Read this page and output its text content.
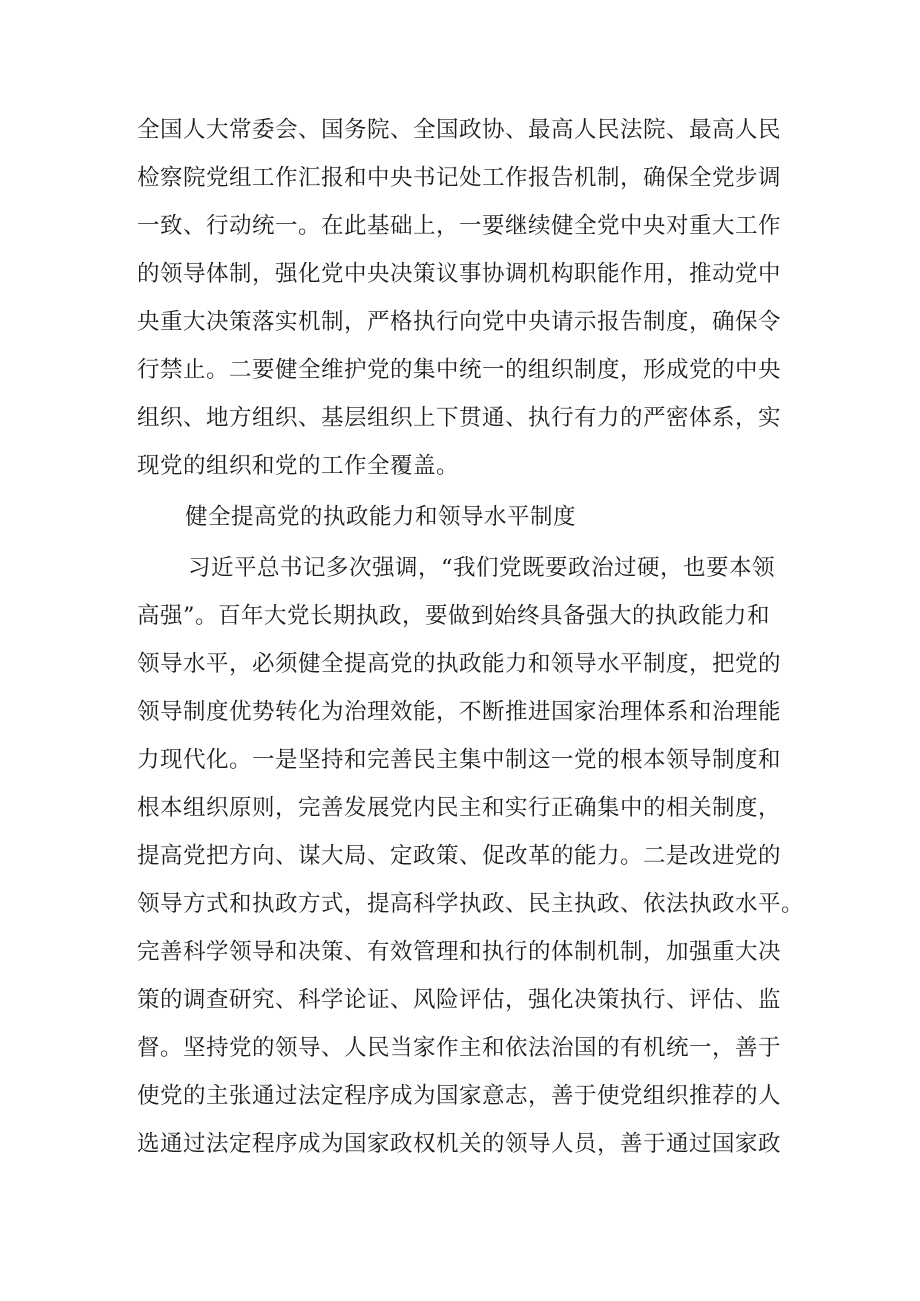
全国人大常委会、国务院、全国政协、最高人民法院、最高人民
检察院党组工作汇报和中央书记处工作报告机制，确保全党步调
一致、行动统一。在此基础上，一要继续健全党中央对重大工作
的领导体制，强化党中央决策议事协调机构职能作用，推动党中
央重大决策落实机制，严格执行向党中央请示报告制度，确保令
行禁止。二要健全维护党的集中统一的组织制度，形成党的中央
组织、地方组织、基层组织上下贯通、执行有力的严密体系，实
现党的组织和党的工作全覆盖。
健全提高党的执政能力和领导水平制度
习近平总书记多次强调，“我们党既要政治过硬，也要本领
高强”。百年大党长期执政，要做到始终具备强大的执政能力和
领导水平，必须健全提高党的执政能力和领导水平制度，把党的
领导制度优势转化为治理效能，不断推进国家治理体系和治理能
力现代化。一是坚持和完善民主集中制这一党的根本领导制度和
根本组织原则，完善发展党内民主和实行正确集中的相关制度，
提高党把方向、谋大局、定政策、促改革的能力。二是改进党的
领导方式和执政方式，提高科学执政、民主执政、依法执政水平。
完善科学领导和决策、有效管理和执行的体制机制，加强重大决
策的调查研究、科学论证、风险评估，强化决策执行、评估、监
督。坚持党的领导、人民当家作主和依法治国的有机统一，善于
使党的主张通过法定程序成为国家意志，善于使党组织推荐的人
选通过法定程序成为国家政权机关的领导人员，善于通过国家政
